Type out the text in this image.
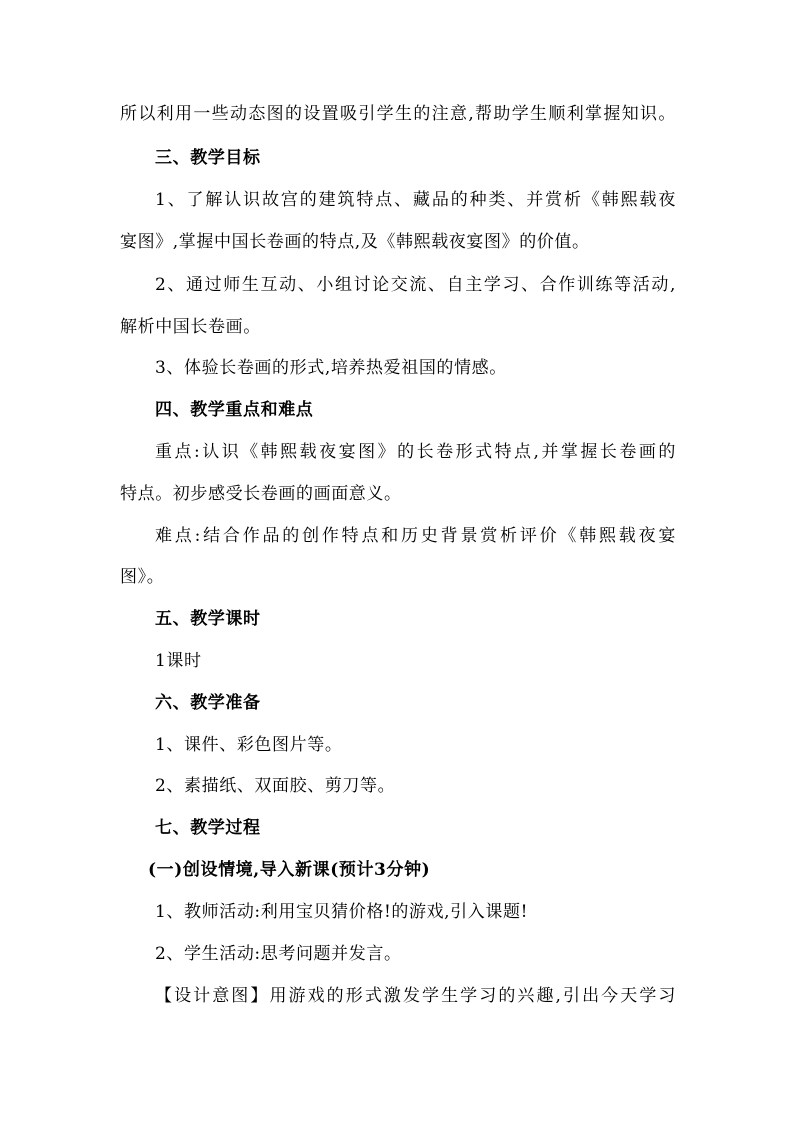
所以利用一些动态图的设置吸引学生的注意,帮助学生顺利掌握知识。
三、教学目标
1、了解认识故宫的建筑特点、藏品的种类、并赏析《韩熙载夜
宴图》,掌握中国长卷画的特点,及《韩熙载夜宴图》的价值。
2、通过师生互动、小组讨论交流、自主学习、合作训练等活动,
解析中国长卷画。
3、体验长卷画的形式,培养热爱祖国的情感。
四、教学重点和难点
重点:认识《韩熙载夜宴图》的长卷形式特点,并掌握长卷画的
特点。初步感受长卷画的画面意义。
难点:结合作品的创作特点和历史背景赏析评价《韩熙载夜宴
图》。
五、教学课时
1课时
六、教学准备
1、课件、彩色图片等。
2、素描纸、双面胶、剪刀等。
七、教学过程
(一)创设情境,导入新课(预计3分钟)
1、教师活动:利用宝贝猜价格!的游戏,引入课题!
2、学生活动:思考问题并发言。
【设计意图】用游戏的形式激发学生学习的兴趣,引出今天学习
